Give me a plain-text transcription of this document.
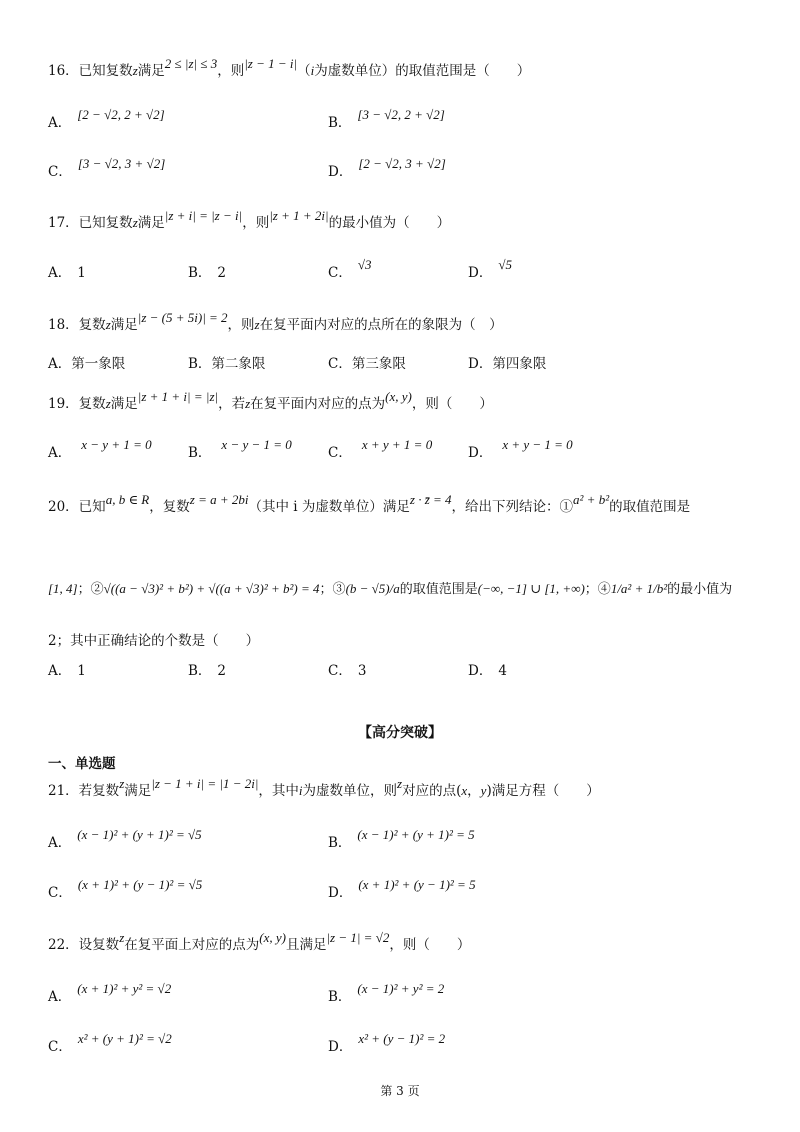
16．已知复数z满足2 ≤ |z| ≤ 3，则|z − 1 − i|（i为虚数单位）的取值范围是（　　）
A．[2 − √2, 2 + √2]
B．[3 − √2, 2 + √2]
C．[3 − √2, 3 + √2]
D．[2 − √2, 3 + √2]
17．已知复数z满足|z + i| = |z − i|，则|z + 1 + 2i|的最小值为（　　）
A． 1	B． 2	C．√3
D．√5
18．复数z满足|z − (5 + 5i)| = 2，则z在复平面内对应的点所在的象限为（　）
A．第一象限	B．第二象限	C．第三象限	D．第四象限
19．复数z满足|z + 1 + i| = |z|，若z在复平面内对应的点为(x, y)，则（　　）
A．x − y + 1 = 0
B．x − y − 1 = 0
C．x + y + 1 = 0
D．x + y − 1 = 0
20．已知a, b ∈ R，复数z = a + 2bi（其中 i 为虚数单位）满足z · z̄ = 4，给出下列结论：①a² + b²的取值范围是
[1, 4]；②√((a − √3)² + b²) + √((a + √3)² + b²) = 4；③(b − √5)/a的取值范围是(−∞, −1] ∪ [1, +∞)；④1/a² + 1/b²的最小值为
2；其中正确结论的个数是（　　）
A． 1	B． 2	C． 3	D． 4
【高分突破】
一、单选题
21．若复数z满足|z − 1 + i| = |1 − 2i|，其中i为虚数单位，则z对应的点(x，y)满足方程（　　）
A．(x − 1)² + (y + 1)² = √5
B．(x − 1)² + (y + 1)² = 5
C．(x + 1)² + (y − 1)² = √5
D．(x + 1)² + (y − 1)² = 5
22．设复数z在复平面上对应的点为(x, y)且满足|z − 1| = √2，则（　　）
A．(x + 1)² + y² = √2
B．(x − 1)² + y² = 2
C．x² + (y + 1)² = √2
D．x² + (y − 1)² = 2
第 3 页
